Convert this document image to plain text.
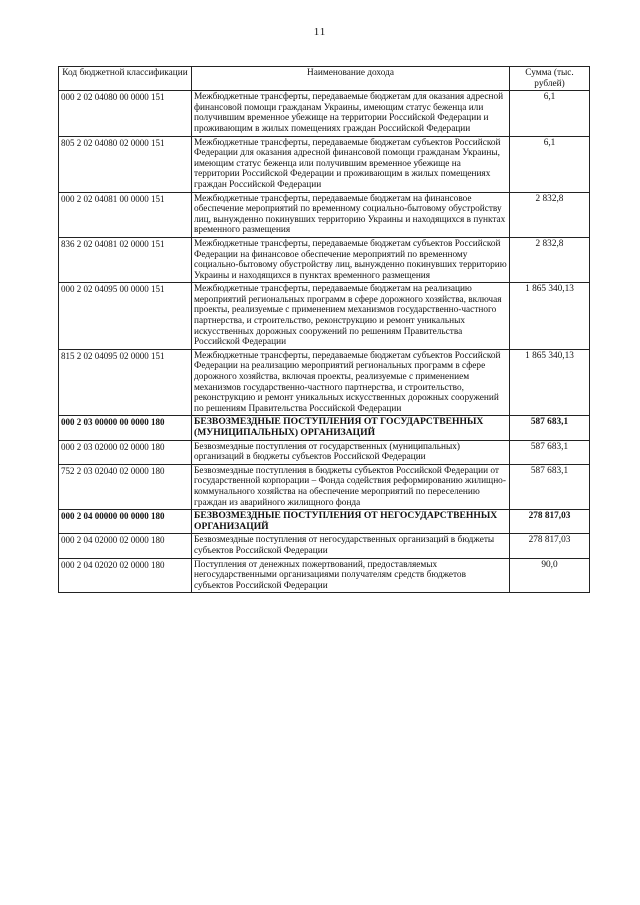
11
Код бюджетной классификации	Наименование дохода	Сумма (тыс. рублей)
000 2 02 04080 00 0000 151	Межбюджетные трансферты, передаваемые бюджетам для оказания адресной финансовой помощи гражданам Украины, имеющим статус беженца или получившим временное убежище на территории Российской Федерации и проживающим в жилых помещениях граждан Российской Федерации	6,1
805 2 02 04080 02 0000 151	Межбюджетные трансферты, передаваемые бюджетам субъектов Российской Федерации для оказания адресной финансовой помощи гражданам Украины, имеющим статус беженца или получившим временное убежище на территории Российской Федерации и проживающим в жилых помещениях граждан Российской Федерации	6,1
000 2 02 04081 00 0000 151	Межбюджетные трансферты, передаваемые бюджетам на финансовое обеспечение мероприятий по временному социально-бытовому обустройству лиц, вынужденно покинувших территорию Украины и находящихся в пунктах временного размещения	2 832,8
836 2 02 04081 02 0000 151	Межбюджетные трансферты, передаваемые бюджетам субъектов Российской Федерации на финансовое обеспечение мероприятий по временному социально-бытовому обустройству лиц, вынужденно покинувших территорию Украины и находящихся в пунктах временного размещения	2 832,8
000 2 02 04095 00 0000 151	Межбюджетные трансферты, передаваемые бюджетам на реализацию мероприятий региональных программ в сфере дорожного хозяйства, включая проекты, реализуемые с применением механизмов государственно-частного партнерства, и строительство, реконструкцию и ремонт уникальных искусственных дорожных сооружений по решениям Правительства Российской Федерации	1 865 340,13
815 2 02 04095 02 0000 151	Межбюджетные трансферты, передаваемые бюджетам субъектов Российской Федерации на реализацию мероприятий региональных программ в сфере дорожного хозяйства, включая проекты, реализуемые с применением механизмов государственно-частного партнерства, и строительство, реконструкцию и ремонт уникальных искусственных дорожных сооружений по решениям Правительства Российской Федерации	1 865 340,13
000 2 03 00000 00 0000 180	БЕЗВОЗМЕЗДНЫЕ ПОСТУПЛЕНИЯ ОТ ГОСУДАРСТВЕННЫХ (МУНИЦИПАЛЬНЫХ) ОРГАНИЗАЦИЙ	587 683,1
000 2 03 02000 02 0000 180	Безвозмездные поступления от государственных (муниципальных) организаций в бюджеты субъектов Российской Федерации	587 683,1
752 2 03 02040 02 0000 180	Безвозмездные поступления в бюджеты субъектов Российской Федерации от государственной корпорации – Фонда содействия реформированию жилищно-коммунального хозяйства на обеспечение мероприятий по переселению граждан из аварийного жилищного фонда	587 683,1
000 2 04 00000 00 0000 180	БЕЗВОЗМЕЗДНЫЕ ПОСТУПЛЕНИЯ ОТ НЕГОСУДАРСТВЕННЫХ ОРГАНИЗАЦИЙ	278 817,03
000 2 04 02000 02 0000 180	Безвозмездные поступления от негосударственных организаций в бюджеты субъектов Российской Федерации	278 817,03
000 2 04 02020 02 0000 180	Поступления от денежных пожертвований, предоставляемых негосударственными организациями получателям средств бюджетов субъектов Российской Федерации	90,0
